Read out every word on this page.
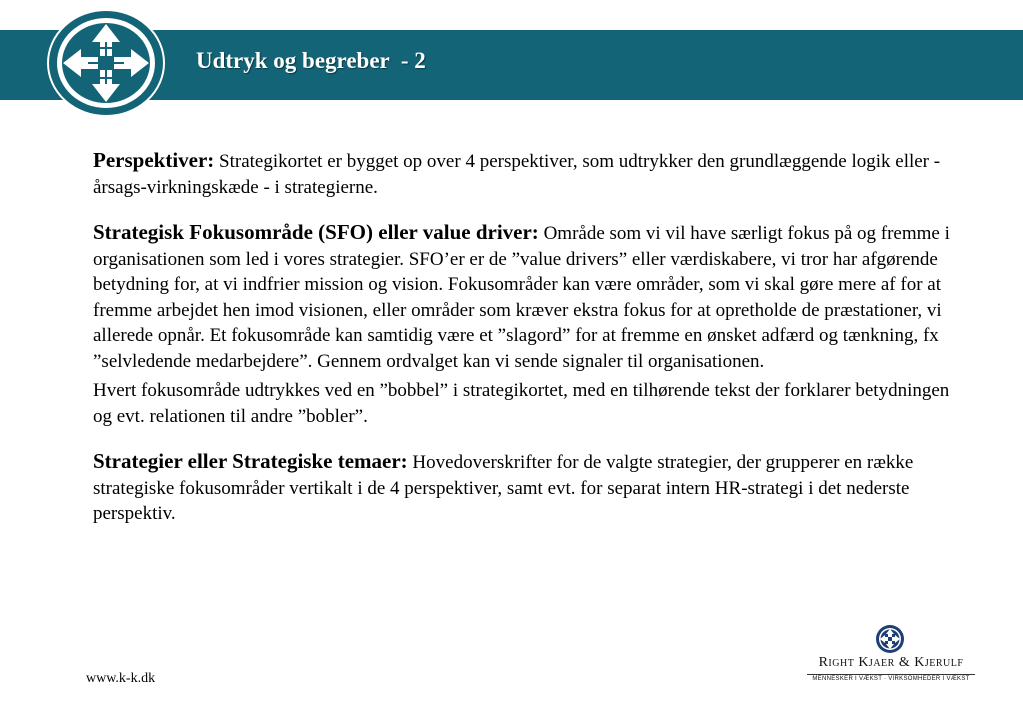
Udtryk og begreber  - 2

Perspektiver: Strategikortet er bygget op over 4 perspektiver, som udtrykker den grundlæggende logik eller - årsags-virkningskæde - i strategierne.

Strategisk Fokusområde (SFO) eller value driver: Område som vi vil have særligt fokus på og fremme i organisationen som led i vores strategier. SFO’er er de ”value drivers” eller værdiskabere, vi tror har afgørende betydning for, at vi indfrier mission og vision. Fokusområder kan være områder, som vi skal gøre mere af for at fremme arbejdet hen imod visionen, eller områder som kræver ekstra fokus for at opretholde de præstationer, vi allerede opnår. Et fokusområde kan samtidig være et ”slagord” for at fremme en ønsket adfærd og tænkning, fx ”selvledende medarbejdere”. Gennem ordvalget kan vi sende signaler til organisationen.

Hvert fokusområde udtrykkes ved en ”bobbel” i strategikortet, med en tilhørende tekst der forklarer betydningen og evt. relationen til andre ”bobler”.

Strategier eller Strategiske temaer: Hovedoverskrifter for de valgte strategier, der grupperer en række strategiske fokusområder vertikalt i de 4 perspektiver, samt evt. for separat intern HR-strategi i det nederste perspektiv.

www.k-k.dk
Right Kjaer & Kjerulf
MENNESKER I VÆKST · VIRKSOMHEDER I VÆKST
